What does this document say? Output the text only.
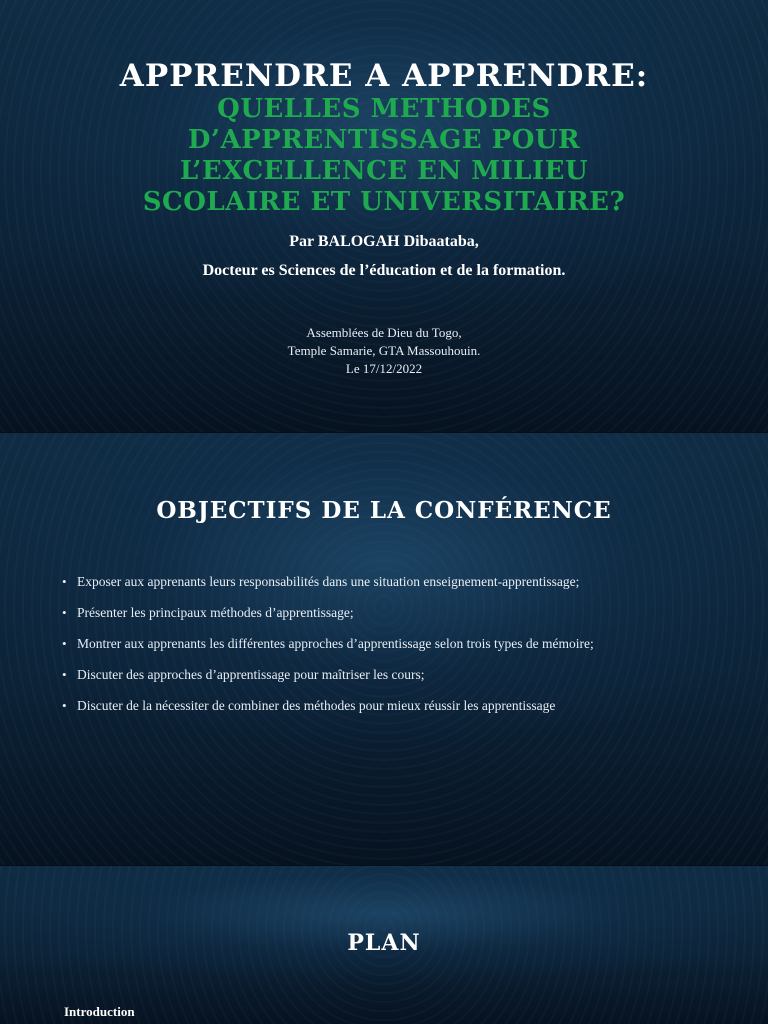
APPRENDRE A APPRENDRE:
QUELLES METHODES
D’APPRENTISSAGE POUR
L’EXCELLENCE EN MILIEU
SCOLAIRE ET UNIVERSITAIRE?

Par BALOGAH Dibaataba,

Docteur es Sciences de l’éducation et de la formation.

Assemblées de Dieu du Togo,

Temple Samarie, GTA Massouhouin.

Le 17/12/2022

OBJECTIFS DE LA CONFÉRENCE
• Exposer aux apprenants leurs responsabilités dans une situation enseignement-apprentissage;
• Présenter les principaux méthodes d’apprentissage;
• Montrer aux apprenants les différentes approches d’apprentissage selon trois types de mémoire;
• Discuter des approches d’apprentissage pour maîtriser les cours;
• Discuter de la nécessiter de combiner des méthodes pour mieux réussir les apprentissage
PLAN

Introduction
